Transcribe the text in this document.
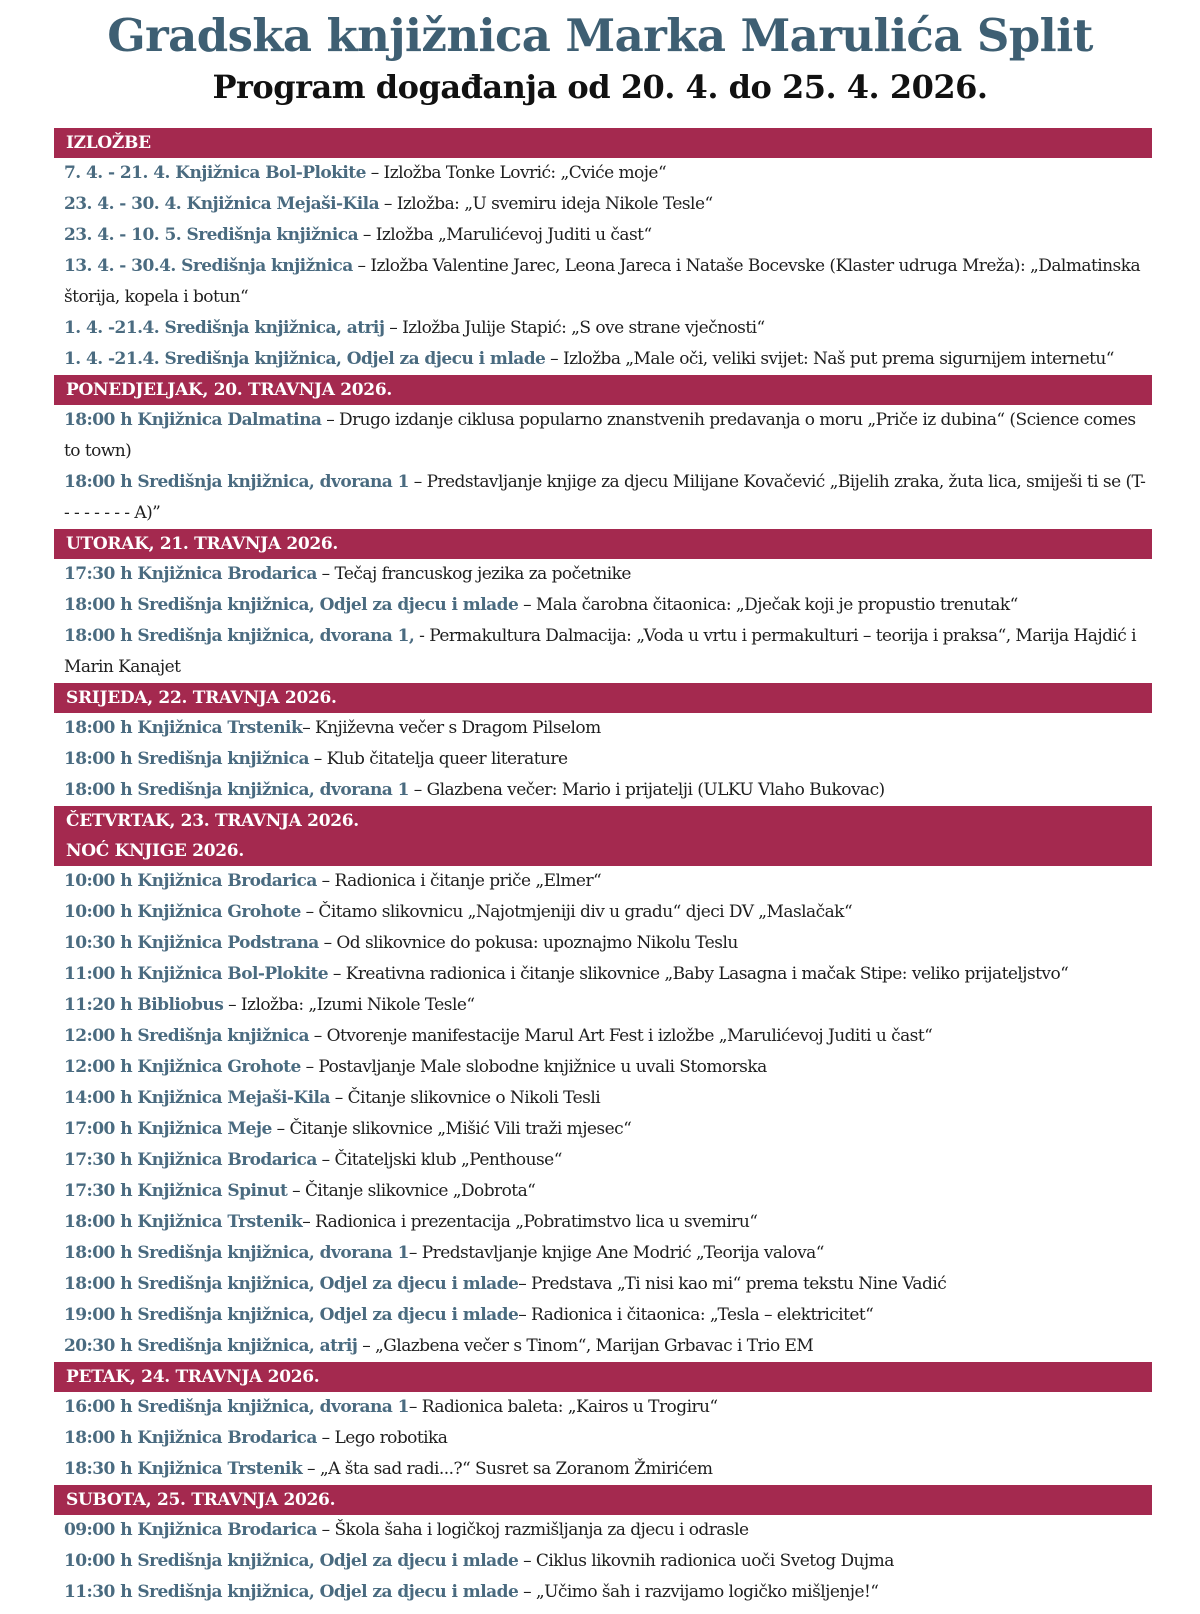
Gradska knjižnica Marka Marulića Split
Program događanja od 20. 4. do 25. 4. 2026.
IZLOŽBE
7. 4. - 21. 4. Knjižnica Bol-Plokite – Izložba Tonke Lovrić: „Cviće moje“
23. 4. - 30. 4. Knjižnica Mejaši-Kila – Izložba: „U svemiru ideja Nikole Tesle“
23. 4. - 10. 5. Središnja knjižnica – Izložba „Marulićevoj Juditi u čast“
13. 4. - 30.4. Središnja knjižnica – Izložba Valentine Jarec, Leona Jareca i Nataše Bocevske (Klaster udruga Mreža): „Dalmatinska štorija, kopela i botun“
1. 4. -21.4. Središnja knjižnica, atrij – Izložba Julije Stapić: „S ove strane vječnosti“
1. 4. -21.4. Središnja knjižnica, Odjel za djecu i mlade – Izložba „Male oči, veliki svijet: Naš put prema sigurnijem internetu“
PONEDJELJAK, 20. TRAVNJA 2026.
18:00 h Knjižnica Dalmatina – Drugo izdanje ciklusa popularno znanstvenih predavanja o moru „Priče iz dubina“ (Science comes to town)
18:00 h Središnja knjižnica, dvorana 1 – Predstavljanje knjige za djecu Milijane Kovačević „Bijelih zraka, žuta lica, smiješi ti se (T- - - - - - - - A)”
UTORAK, 21. TRAVNJA 2026.
17:30 h Knjižnica Brodarica – Tečaj francuskog jezika za početnike
18:00 h Središnja knjižnica, Odjel za djecu i mlade – Mala čarobna čitaonica: „Dječak koji je propustio trenutak“
18:00 h Središnja knjižnica, dvorana 1, - Permakultura Dalmacija: „Voda u vrtu i permakulturi – teorija i praksa“, Marija Hajdić i Marin Kanajet
SRIJEDA, 22. TRAVNJA 2026.
18:00 h Knjižnica Trstenik– Književna večer s Dragom Pilselom
18:00 h Središnja knjižnica – Klub čitatelja queer literature
18:00 h Središnja knjižnica, dvorana 1 – Glazbena večer: Mario i prijatelji (ULKU Vlaho Bukovac)
ČETVRTAK, 23. TRAVNJA 2026.
NOĆ KNJIGE 2026.
10:00 h Knjižnica Brodarica – Radionica i čitanje priče „Elmer“
10:00 h Knjižnica Grohote – Čitamo slikovnicu „Najotmjeniji div u gradu“ djeci DV „Maslačak“
10:30 h Knjižnica Podstrana – Od slikovnice do pokusa: upoznajmo Nikolu Teslu
11:00 h Knjižnica Bol-Plokite – Kreativna radionica i čitanje slikovnice „Baby Lasagna i mačak Stipe: veliko prijateljstvo“
11:20 h Bibliobus – Izložba: „Izumi Nikole Tesle“
12:00 h Središnja knjižnica – Otvorenje manifestacije Marul Art Fest i izložbe „Marulićevoj Juditi u čast“
12:00 h Knjižnica Grohote – Postavljanje Male slobodne knjižnice u uvali Stomorska
14:00 h Knjižnica Mejaši-Kila – Čitanje slikovnice o Nikoli Tesli
17:00 h Knjižnica Meje – Čitanje slikovnice „Mišić Vili traži mjesec“
17:30 h Knjižnica Brodarica – Čitateljski klub „Penthouse“
17:30 h Knjižnica Spinut – Čitanje slikovnice „Dobrota“
18:00 h Knjižnica Trstenik– Radionica i prezentacija „Pobratimstvo lica u svemiru“
18:00 h Središnja knjižnica, dvorana 1– Predstavljanje knjige Ane Modrić „Teorija valova“
18:00 h Središnja knjižnica, Odjel za djecu i mlade– Predstava „Ti nisi kao mi“ prema tekstu Nine Vadić
19:00 h Središnja knjižnica, Odjel za djecu i mlade– Radionica i čitaonica: „Tesla – elektricitet“
20:30 h Središnja knjižnica, atrij – „Glazbena večer s Tinom“, Marijan Grbavac i Trio EM
PETAK, 24. TRAVNJA 2026.
16:00 h Središnja knjižnica, dvorana 1– Radionica baleta: „Kairos u Trogiru“
18:00 h Knjižnica Brodarica – Lego robotika
18:30 h Knjižnica Trstenik – „A šta sad radi...?“ Susret sa Zoranom Žmirićem
SUBOTA, 25. TRAVNJA 2026.
09:00 h Knjižnica Brodarica – Škola šaha i logičkoj razmišljanja za djecu i odrasle
10:00 h Središnja knjižnica, Odjel za djecu i mlade – Ciklus likovnih radionica uoči Svetog Dujma
11:30 h Središnja knjižnica, Odjel za djecu i mlade – „Učimo šah i razvijamo logičko mišljenje!“
